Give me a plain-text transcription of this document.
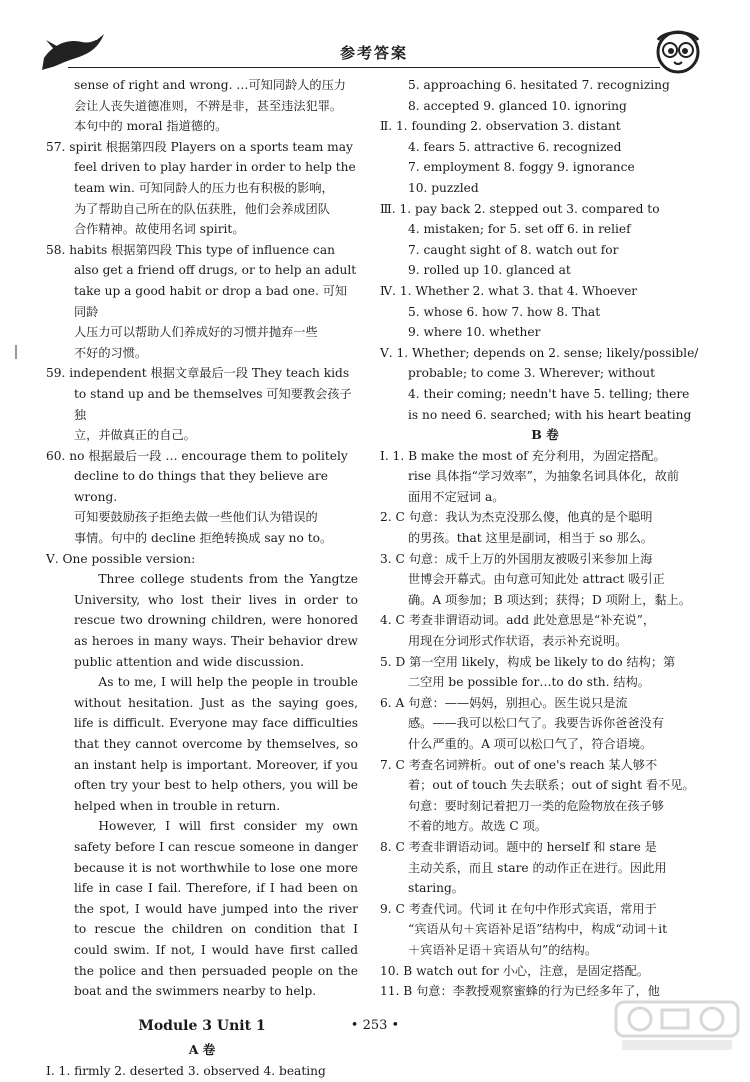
参考答案

sense of right and wrong. …可知同龄人的压力

会让人丧失道德准则，不辨是非，甚至违法犯罪。

本句中的 moral 指道德的。

57. spirit 根据第四段 Players on a sports team may

feel driven to play harder in order to help the

team win. 可知同龄人的压力也有积极的影响，

为了帮助自己所在的队伍获胜，他们会养成团队

合作精神。故使用名词 spirit。

58. habits 根据第四段 This type of influence can

also get a friend off drugs, or to help an adult

take up a good habit or drop a bad one. 可知同龄

人压力可以帮助人们养成好的习惯并抛弃一些

不好的习惯。

59. independent 根据文章最后一段 They teach kids

to stand up and be themselves 可知要教会孩子独

立，并做真正的自己。

60. no 根据最后一段 … encourage them to politely

decline to do things that they believe are wrong.

可知要鼓励孩子拒绝去做一些他们认为错误的

事情。句中的 decline 拒绝转换成 say no to。

Ⅴ. One possible version:

Three college students from the Yangtze University, who lost their lives in order to rescue two drowning children, were honored as heroes in many ways. Their behavior drew public attention and wide discussion.

As to me, I will help the people in trouble without hesitation. Just as the saying goes, life is difficult. Everyone may face difficulties that they cannot overcome by themselves, so an instant help is important. Moreover, if you often try your best to help others, you will be helped when in trouble in return.

However, I will first consider my own safety before I can rescue someone in danger because it is not worthwhile to lose one more life in case I fail. Therefore, if I had been on the spot, I would have jumped into the river to rescue the children on condition that I could swim. If not, I would have first called the police and then persuaded people on the boat and the swimmers nearby to help.

Module 3 Unit 1

A 卷

Ⅰ. 1. firmly 2. deserted 3. observed 4. beating

5. approaching 6. hesitated 7. recognizing

8. accepted 9. glanced 10. ignoring

Ⅱ. 1. founding 2. observation 3. distant

4. fears 5. attractive 6. recognized

7. employment 8. foggy 9. ignorance

10. puzzled

Ⅲ. 1. pay back 2. stepped out 3. compared to

4. mistaken; for 5. set off 6. in relief

7. caught sight of 8. watch out for

9. rolled up 10. glanced at

Ⅳ. 1. Whether 2. what 3. that 4. Whoever

5. whose 6. how 7. how 8. That

9. where 10. whether

Ⅴ. 1. Whether; depends on 2. sense; likely/possible/

probable; to come 3. Wherever; without

4. their coming; needn't have 5. telling; there

is no need 6. searched; with his heart beating

B 卷

Ⅰ. 1. B make the most of 充分利用，为固定搭配。

rise 具体指“学习效率”，为抽象名词具体化，故前

面用不定冠词 a。

2. C 句意：我认为杰克没那么傻，他真的是个聪明

的男孩。that 这里是副词，相当于 so 那么。

3. C 句意：成千上万的外国朋友被吸引来参加上海

世博会开幕式。由句意可知此处 attract 吸引正

确。A 项参加；B 项达到；获得；D 项附上，黏上。

4. C 考查非谓语动词。add 此处意思是“补充说”，

用现在分词形式作状语，表示补充说明。

5. D 第一空用 likely，构成 be likely to do 结构；第

二空用 be possible for…to do sth. 结构。

6. A 句意：——妈妈，别担心。医生说只是流

感。——我可以松口气了。我要告诉你爸爸没有

什么严重的。A 项可以松口气了，符合语境。

7. C 考查名词辨析。out of one's reach 某人够不

着；out of touch 失去联系；out of sight 看不见。

句意：要时刻记着把刀一类的危险物放在孩子够

不着的地方。故选 C 项。

8. C 考查非谓语动词。题中的 herself 和 stare 是

主动关系，而且 stare 的动作正在进行。因此用

staring。

9. C 考查代词。代词 it 在句中作形式宾语，常用于

“宾语从句＋宾语补足语”结构中，构成“动词＋it

＋宾语补足语＋宾语从句”的结构。

10. B watch out for 小心，注意，是固定搭配。

11. B 句意：李教授观察蜜蜂的行为已经多年了，他

• 253 •
